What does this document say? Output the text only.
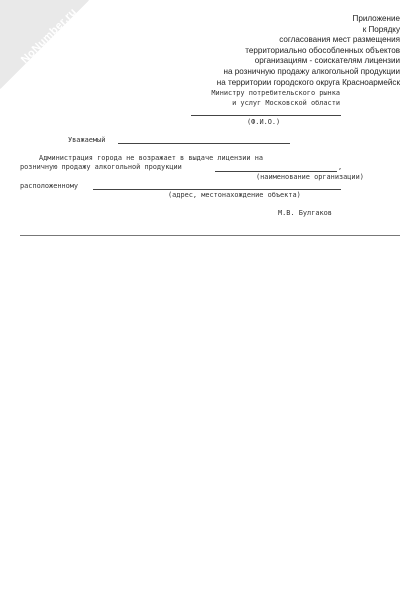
NoNumber.ru	Приложение
к Порядку
согласования мест размещения
территориально обособленных объектов
организациям - соискателям лицензии
на розничную продажу алкогольной продукции
на территории городского округа Красноармейск
Министру потребительского рынка
и услуг Московской области
(Ф.И.О.)
Уважаемый
Администрация города не возражает в выдаче лицензии на
розничную продажу алкогольной продукции	,
(наименование организации)
расположенному
(адрес, местонахождение объекта)
М.В. Булгаков
